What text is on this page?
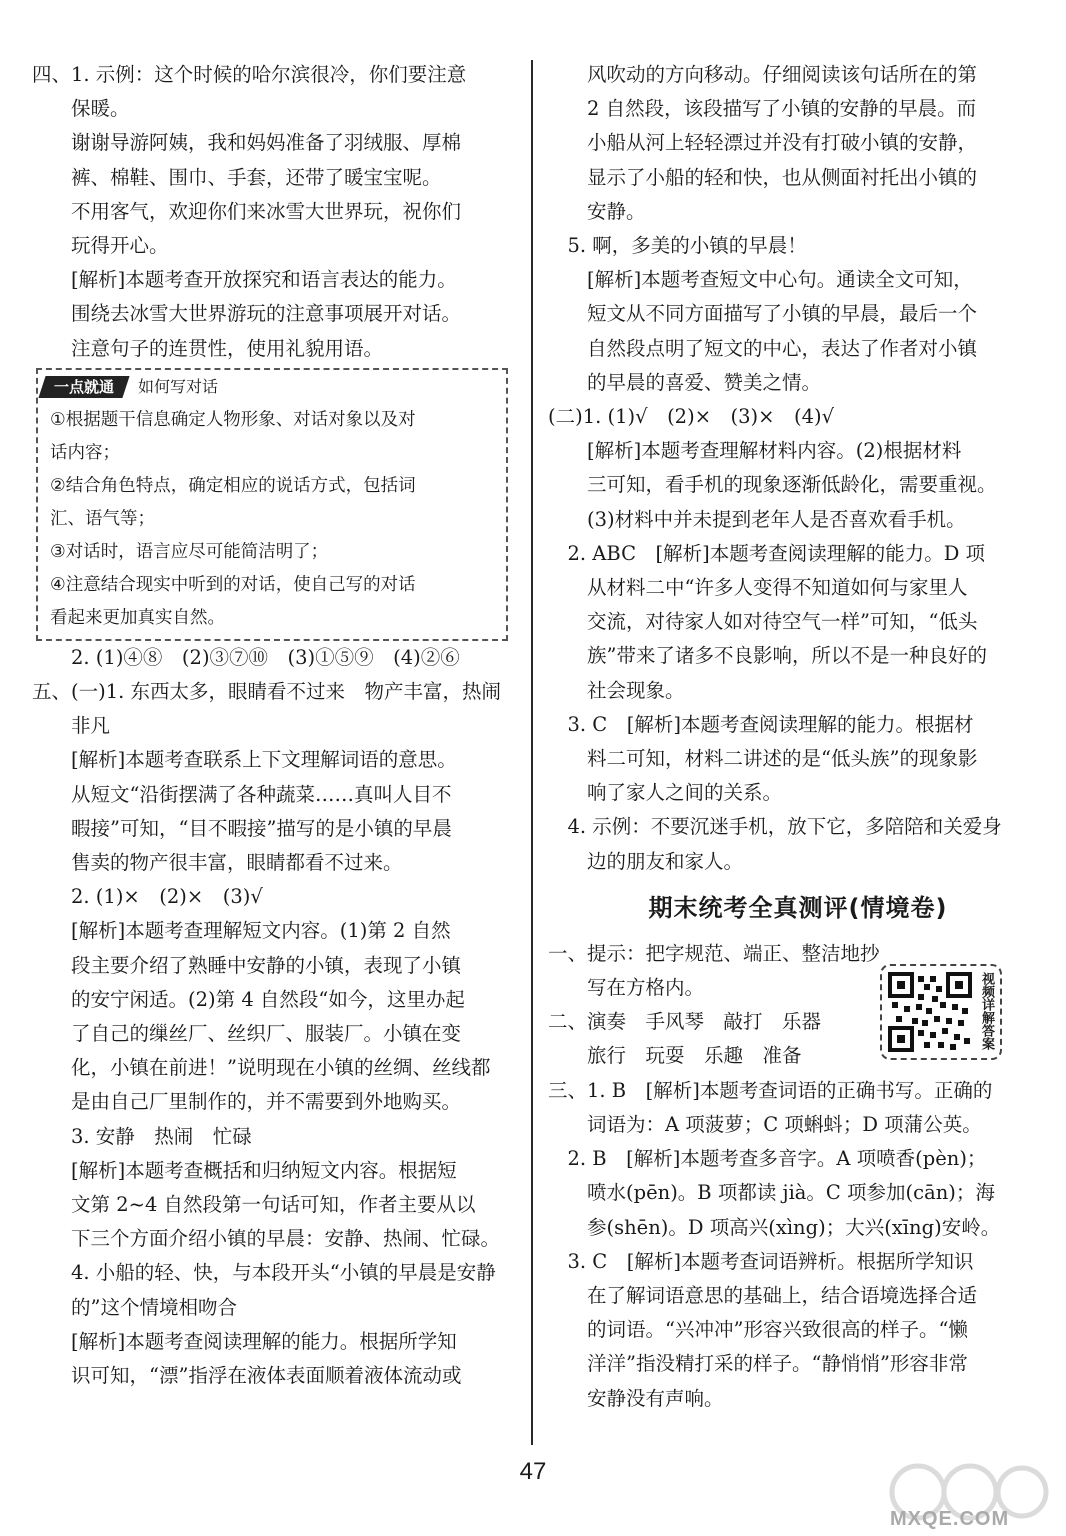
四、1. 示例：这个时候的哈尔滨很冷，你们要注意
　　保暖。
　　谢谢导游阿姨，我和妈妈准备了羽绒服、厚棉
　　裤、棉鞋、围巾、手套，还带了暖宝宝呢。
　　不用客气，欢迎你们来冰雪大世界玩，祝你们
　　玩得开心。
　　[解析]本题考查开放探究和语言表达的能力。
　　围绕去冰雪大世界游玩的注意事项展开对话。
　　注意句子的连贯性，使用礼貌用语。
一点就通	如何写对话
①根据题干信息确定人物形象、对话对象以及对
话内容；
②结合角色特点，确定相应的说话方式，包括词
汇、语气等；
③对话时，语言应尽可能简洁明了；
④注意结合现实中听到的对话，使自己写的对话
看起来更加真实自然。
　　2. (1)④⑧　(2)③⑦⑩　(3)①⑤⑨　(4)②⑥
五、(一)1. 东西太多，眼睛看不过来　物产丰富，热闹
　　非凡
　　[解析]本题考查联系上下文理解词语的意思。
　　从短文“沿街摆满了各种蔬菜……真叫人目不
　　暇接”可知，“目不暇接”描写的是小镇的早晨
　　售卖的物产很丰富，眼睛都看不过来。
　　2. (1)×　(2)×　(3)√
　　[解析]本题考查理解短文内容。(1)第 2 自然
　　段主要介绍了熟睡中安静的小镇，表现了小镇
　　的安宁闲适。(2)第 4 自然段“如今，这里办起
　　了自己的缫丝厂、丝织厂、服装厂。小镇在变
　　化，小镇在前进！”说明现在小镇的丝绸、丝线都
　　是由自己厂里制作的，并不需要到外地购买。
　　3. 安静　热闹　忙碌
　　[解析]本题考查概括和归纳短文内容。根据短
　　文第 2~4 自然段第一句话可知，作者主要从以
　　下三个方面介绍小镇的早晨：安静、热闹、忙碌。
　　4. 小船的轻、快，与本段开头“小镇的早晨是安静
　　的”这个情境相吻合
　　[解析]本题考查阅读理解的能力。根据所学知
　　识可知，“漂”指浮在液体表面顺着液体流动或
　　风吹动的方向移动。仔细阅读该句话所在的第
　　2 自然段，该段描写了小镇的安静的早晨。而
　　小船从河上轻轻漂过并没有打破小镇的安静，
　　显示了小船的轻和快，也从侧面衬托出小镇的
　　安静。
　5. 啊，多美的小镇的早晨！
　　[解析]本题考查短文中心句。通读全文可知，
　　短文从不同方面描写了小镇的早晨，最后一个
　　自然段点明了短文的中心，表达了作者对小镇
　　的早晨的喜爱、赞美之情。
(二)1. (1)√　(2)×　(3)×　(4)√
　　[解析]本题考查理解材料内容。(2)根据材料
　　三可知，看手机的现象逐渐低龄化，需要重视。
　　(3)材料中并未提到老年人是否喜欢看手机。
　2. ABC　[解析]本题考查阅读理解的能力。D 项
　　从材料二中“许多人变得不知道如何与家里人
　　交流，对待家人如对待空气一样”可知，“低头
　　族”带来了诸多不良影响，所以不是一种良好的
　　社会现象。
　3. C　[解析]本题考查阅读理解的能力。根据材
　　料二可知，材料二讲述的是“低头族”的现象影
　　响了家人之间的关系。
　4. 示例：不要沉迷手机，放下它，多陪陪和关爱身
　　边的朋友和家人。
期末统考全真测评(情境卷)
一、提示：把字规范、端正、整洁地抄
　　写在方格内。
二、演奏　手风琴　敲打　乐器
　　旅行　玩耍　乐趣　准备
三、1. B　[解析]本题考查词语的正确书写。正确的
　　词语为：A 项菠萝；C 项蝌蚪；D 项蒲公英。
　2. B　[解析]本题考查多音字。A 项喷香(pèn)；
　　喷水(pēn)。B 项都读 jià。C 项参加(cān)；海
　　参(shēn)。D 项高兴(xìng)；大兴(xīng)安岭。
　3. C　[解析]本题考查词语辨析。根据所学知识
　　在了解词语意思的基础上，结合语境选择合适
　　的词语。“兴冲冲”形容兴致很高的样子。“懒
　　洋洋”指没精打采的样子。“静悄悄”形容非常
　　安静没有声响。
视频详解答案
47
MXQE.COM
